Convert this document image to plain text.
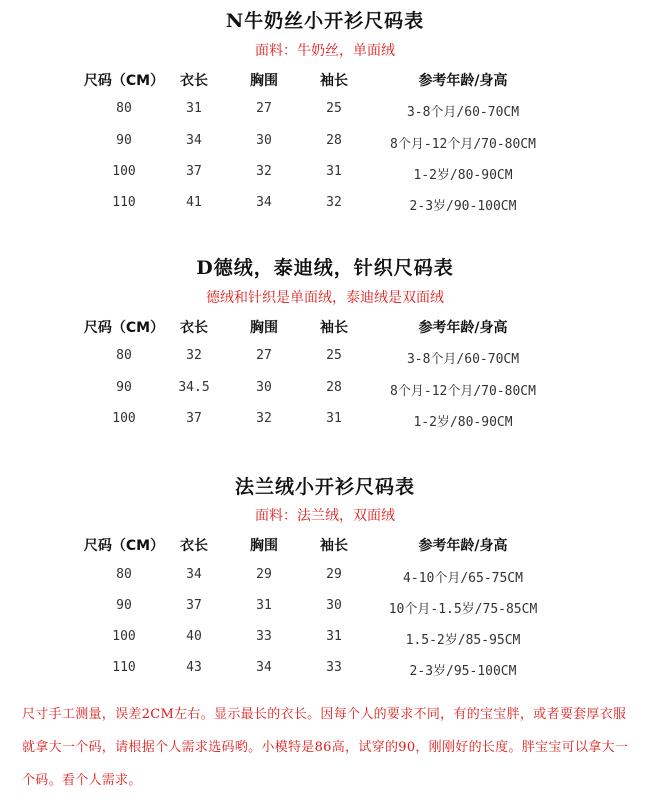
N牛奶丝小开衫尺码表
面料：牛奶丝，单面绒
尺码（CM） 衣长	胸围	袖长	参考年龄/身高
80	31	27	25	3-8个月/60-70CM
90	34	30	28	8个月-12个月/70-80CM
100	37	32	31	1-2岁/80-90CM
110	41	34	32	2-3岁/90-100CM
D德绒，泰迪绒，针织尺码表
德绒和针织是单面绒，泰迪绒是双面绒
尺码（CM） 衣长	胸围	袖长	参考年龄/身高
80	32	27	25	3-8个月/60-70CM
90	34.5	30	28	8个月-12个月/70-80CM
100	37	32	31	1-2岁/80-90CM
法兰绒小开衫尺码表
面料：法兰绒，双面绒
尺码（CM） 衣长	胸围	袖长	参考年龄/身高
80	34	29	29	4-10个月/65-75CM
90	37	31	30	10个月-1.5岁/75-85CM
100	40	33	31	1.5-2岁/85-95CM
110	43	34	33	2-3岁/95-100CM
尺寸手工测量，误差2CM左右。显示最长的衣长。因每个人的要求不同，有的宝宝胖，或者要套厚衣服就拿大一个码，请根据个人需求选码哟。小模特是86高，试穿的90，刚刚好的长度。胖宝宝可以拿大一个码。看个人需求。
